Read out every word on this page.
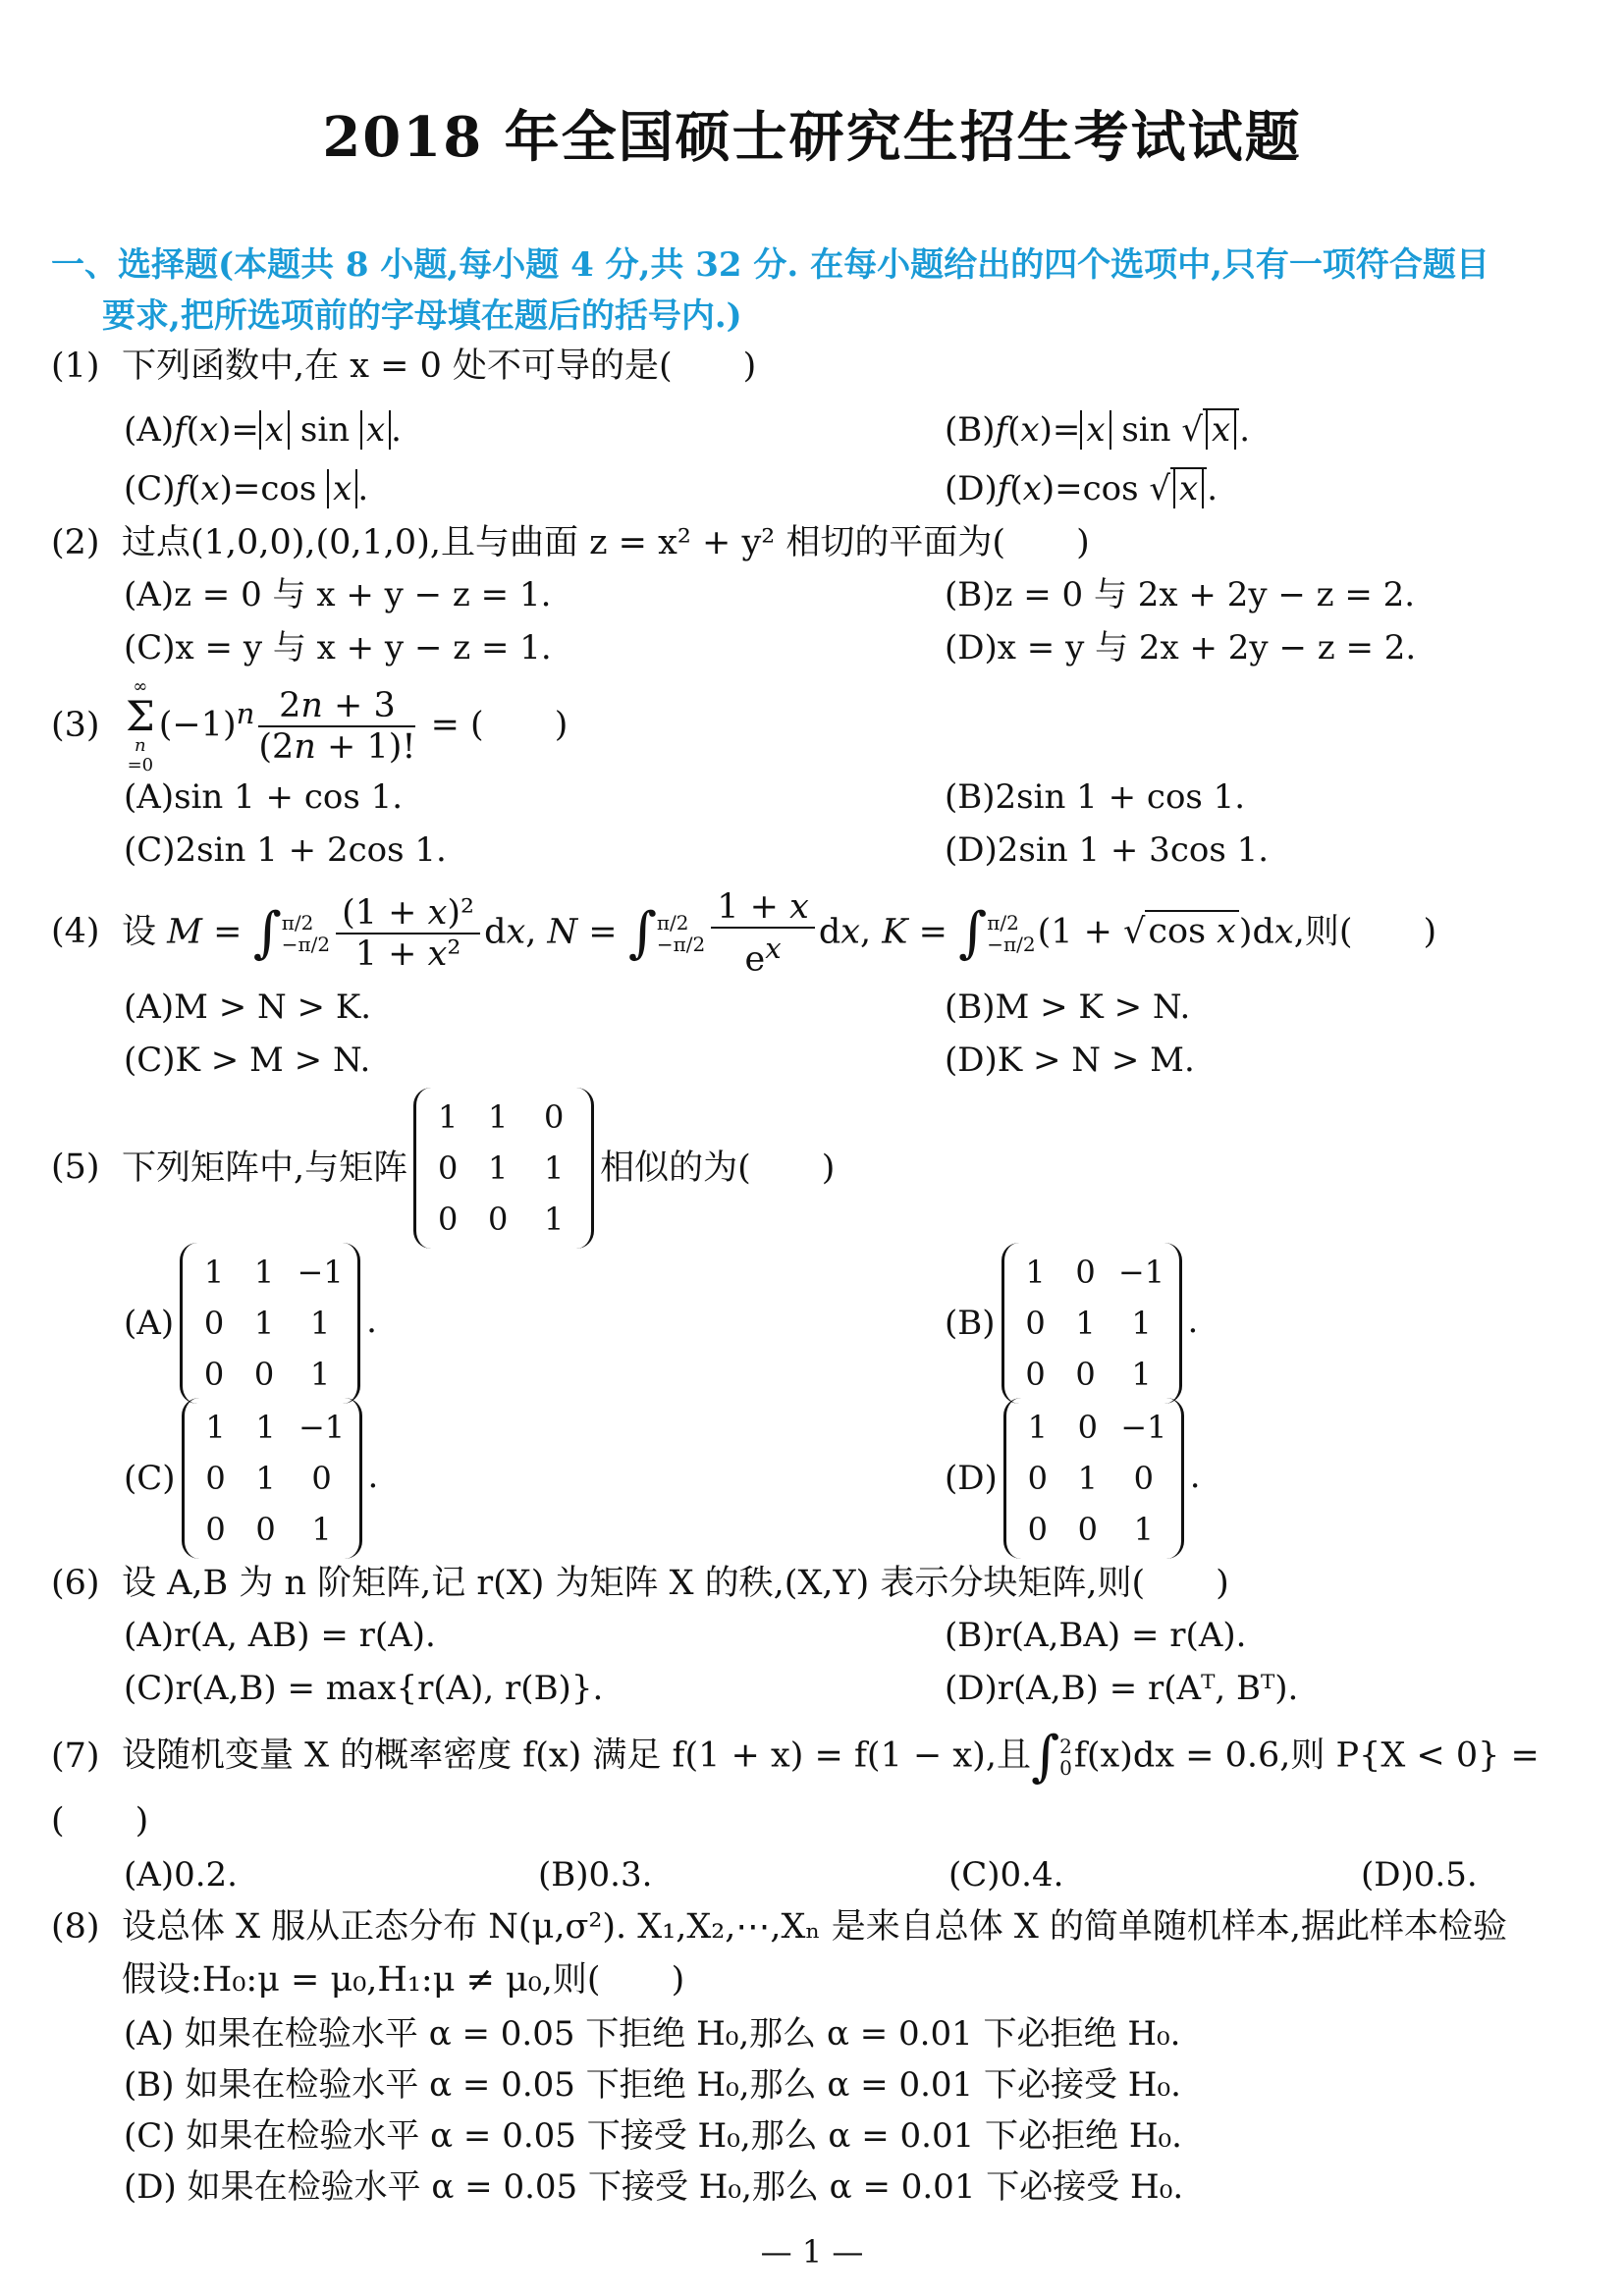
2018 年全国硕士研究生招生考试试题
一、选择题(本题共 8 小题,每小题 4 分,共 32 分. 在每小题给出的四个选项中,只有一项符合题目
要求,把所选项前的字母填在题后的括号内.)
(1) 下列函数中,在 x = 0 处不可导的是( )
(A)f(x)= x sin x .	(B)f(x)= x sin √ x .
(C)f(x)=cos x .	(D)f(x)=cos √ x .
(2) 过点(1,0,0),(0,1,0),且与曲面 z = x² + y² 相切的平面为( )
(A)z = 0 与 x + y − z = 1.	(B)z = 0 与 2x + 2y − z = 2.
(C)x = y 与 x + y − z = 1.	(D)x = y 与 2x + 2y − z = 2.
(3)
∞
Σ
n
=0
$(-1)^n \frac{2n + 3}{(2n + 1)!}$ = ( )
(A)sin 1 + cos 1.	(B)2sin 1 + cos 1.
(C)2sin 1 + 2cos 1.	(D)2sin 1 + 3cos 1.
(4) 设 M = ∫ π/2
$-\pi/2 \frac{\text{(1 + x)²}}{\text{1 + x²}}$ dx, N = ∫ π/2
$-\pi/2 \frac{1 + x}{e^x}$ dx, K = ∫ π/2
−π/2 (1 + √cos x)dx,则( )
(A)M > N > K.	(B)M > K > N.
(C)K > M > N.	(D)K > N > M.
(5) 下列矩阵中,与矩阵
1 1	0
0 1	1
0 0	1
相似的为( )
(A)
1 1 −1
0 1	1
0 0	1
.	(B)
1 0 −1
0 1	1
0 0	1
.
(C)
1 1 −1
0 1	0
0 0	1
.	(D)
1 0 −1
0 1	0
0 0	1
.
(6) 设 A,B 为 n 阶矩阵,记 r(X) 为矩阵 X 的秩,(X,Y) 表示分块矩阵,则( )
(A)r(A, AB) = r(A).	(B)r(A,BA) = r(A).
(C)r(A,B) = max{r(A), r(B)}.	(D)r(A,B) = r(Aᵀ, Bᵀ).
(7) 设随机变量 X 的概率密度 f(x) 满足 f(1 + x) = f(1 − x),且∫ 2
0 f(x)dx = 0.6,则 P{X < 0} =
( )
(A)0.2.	(B)0.3.	(C)0.4.	(D)0.5.
(8) 设总体 X 服从正态分布 N(μ,σ²). X₁,X₂,⋯,Xₙ 是来自总体 X 的简单随机样本,据此样本检验
假设:H₀:μ = μ₀,H₁:μ ≠ μ₀,则( )
(A) 如果在检验水平 α = 0.05 下拒绝 H₀,那么 α = 0.01 下必拒绝 H₀.
(B) 如果在检验水平 α = 0.05 下拒绝 H₀,那么 α = 0.01 下必接受 H₀.
(C) 如果在检验水平 α = 0.05 下接受 H₀,那么 α = 0.01 下必拒绝 H₀.
(D) 如果在检验水平 α = 0.05 下接受 H₀,那么 α = 0.01 下必接受 H₀.
— 1 —
